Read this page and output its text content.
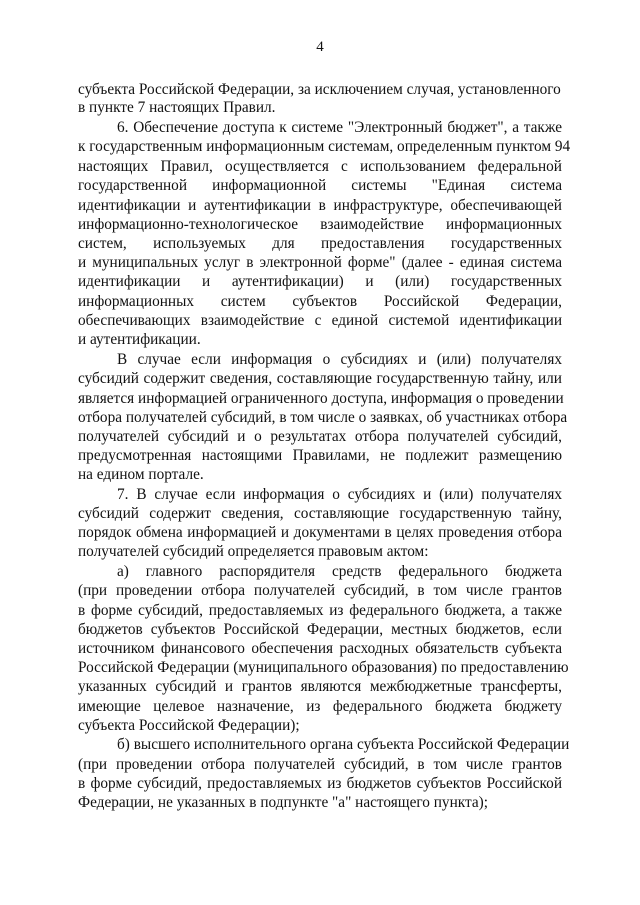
4
субъекта Российской Федерации, за исключением случая, установленного
в пункте 7 настоящих Правил.
6. Обеспечение доступа к системе "Электронный бюджет", а также
к государственным информационным системам, определенным пунктом 94
настоящих Правил, осуществляется с использованием федеральной
государственной информационной системы "Единая система
идентификации и аутентификации в инфраструктуре, обеспечивающей
информационно-технологическое взаимодействие информационных
систем, используемых для предоставления государственных
и муниципальных услуг в электронной форме" (далее - единая система
идентификации и аутентификации) и (или) государственных
информационных систем субъектов Российской Федерации,
обеспечивающих взаимодействие с единой системой идентификации
и аутентификации.
В случае если информация о субсидиях и (или) получателях
субсидий содержит сведения, составляющие государственную тайну, или
является информацией ограниченного доступа, информация о проведении
отбора получателей субсидий, в том числе о заявках, об участниках отбора
получателей субсидий и о результатах отбора получателей субсидий,
предусмотренная настоящими Правилами, не подлежит размещению
на едином портале.
7. В случае если информация о субсидиях и (или) получателях
субсидий содержит сведения, составляющие государственную тайну,
порядок обмена информацией и документами в целях проведения отбора
получателей субсидий определяется правовым актом:
а) главного распорядителя средств федерального бюджета
(при проведении отбора получателей субсидий, в том числе грантов
в форме субсидий, предоставляемых из федерального бюджета, а также
бюджетов субъектов Российской Федерации, местных бюджетов, если
источником финансового обеспечения расходных обязательств субъекта
Российской Федерации (муниципального образования) по предоставлению
указанных субсидий и грантов являются межбюджетные трансферты,
имеющие целевое назначение, из федерального бюджета бюджету
субъекта Российской Федерации);
б) высшего исполнительного органа субъекта Российской Федерации
(при проведении отбора получателей субсидий, в том числе грантов
в форме субсидий, предоставляемых из бюджетов субъектов Российской
Федерации, не указанных в подпункте "а" настоящего пункта);
